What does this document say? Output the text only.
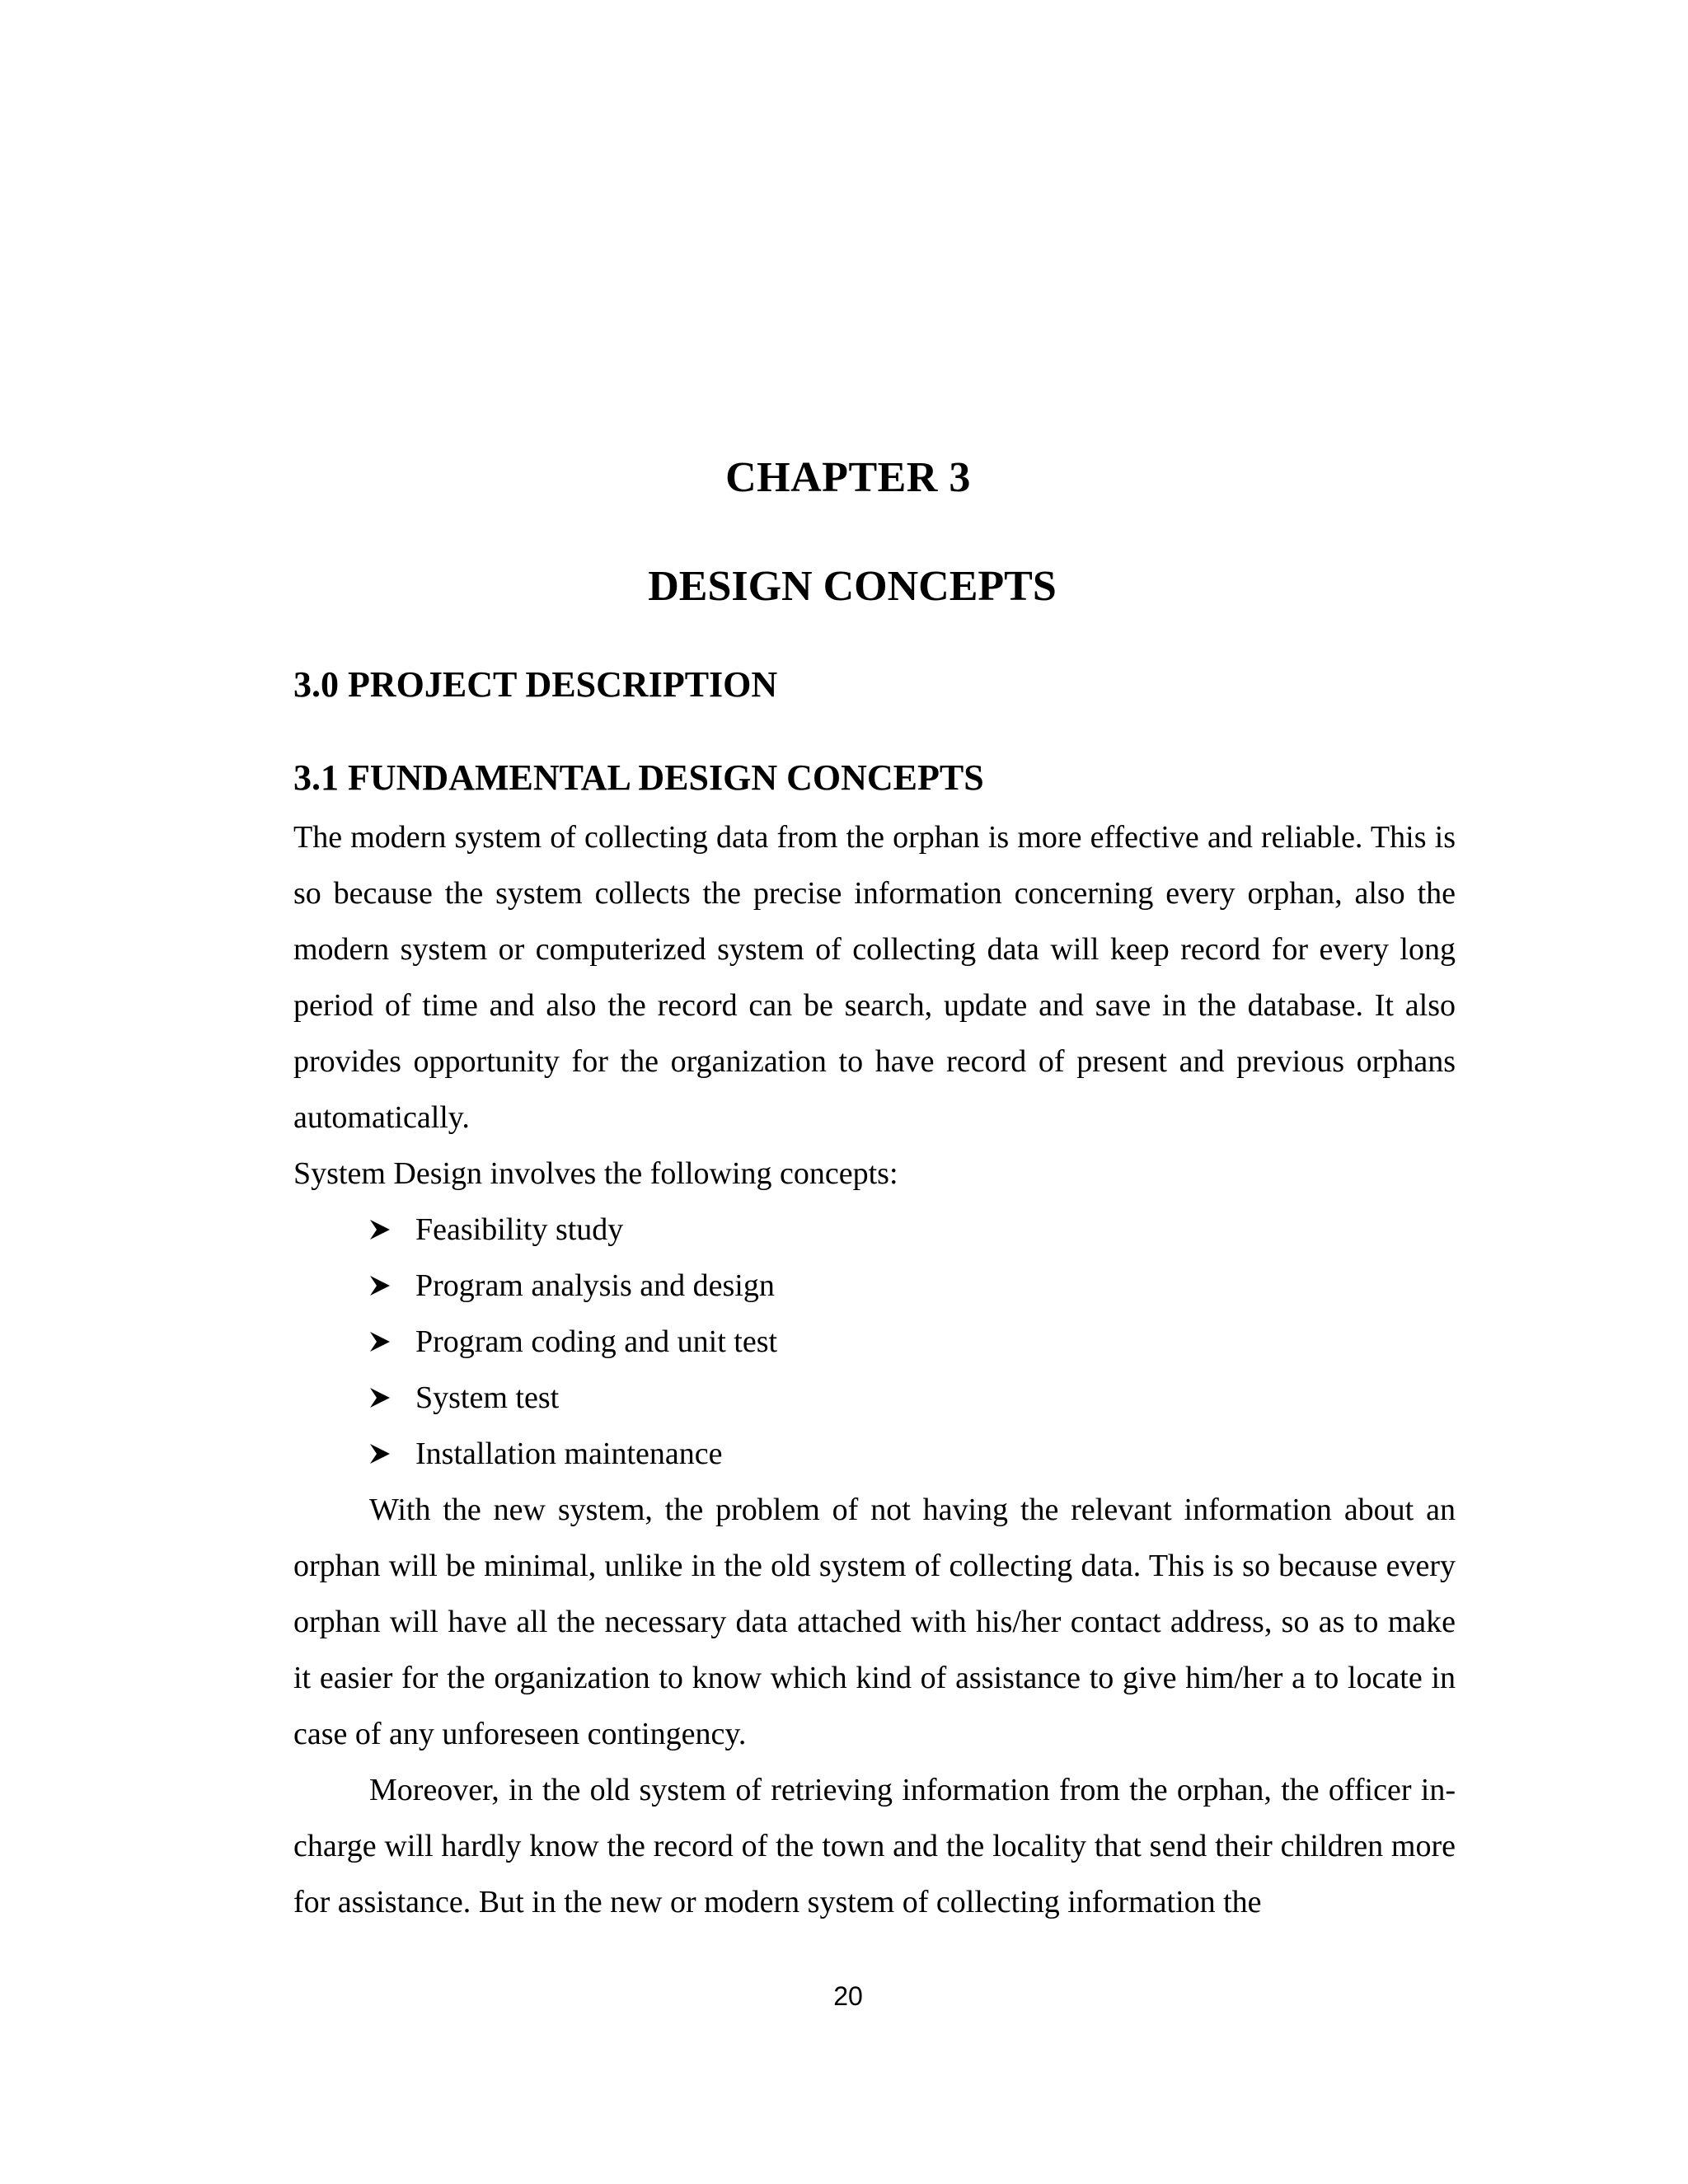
CHAPTER 3
DESIGN CONCEPTS
3.0 PROJECT DESCRIPTION
3.1 FUNDAMENTAL DESIGN CONCEPTS

The modern system of collecting data from the orphan is more effective and reliable. This is so because the system collects the precise information concerning every orphan, also the modern system or computerized system of collecting data will keep record for every long period of time and also the record can be search, update and save in the database. It also provides opportunity for the organization to have record of present and previous orphans automatically.

System Design involves the following concepts:

Feasibility study
Program analysis and design
Program coding and unit test
System test
Installation maintenance

With the new system, the problem of not having the relevant information about an orphan will be minimal, unlike in the old system of collecting data. This is so because every orphan will have all the necessary data attached with his/her contact address, so as to make it easier for the organization to know which kind of assistance to give him/her a to locate in case of any unforeseen contingency.

Moreover, in the old system of retrieving information from the orphan, the officer in-charge will hardly know the record of the town and the locality that send their children more for assistance. But in the new or modern system of collecting information the

20
